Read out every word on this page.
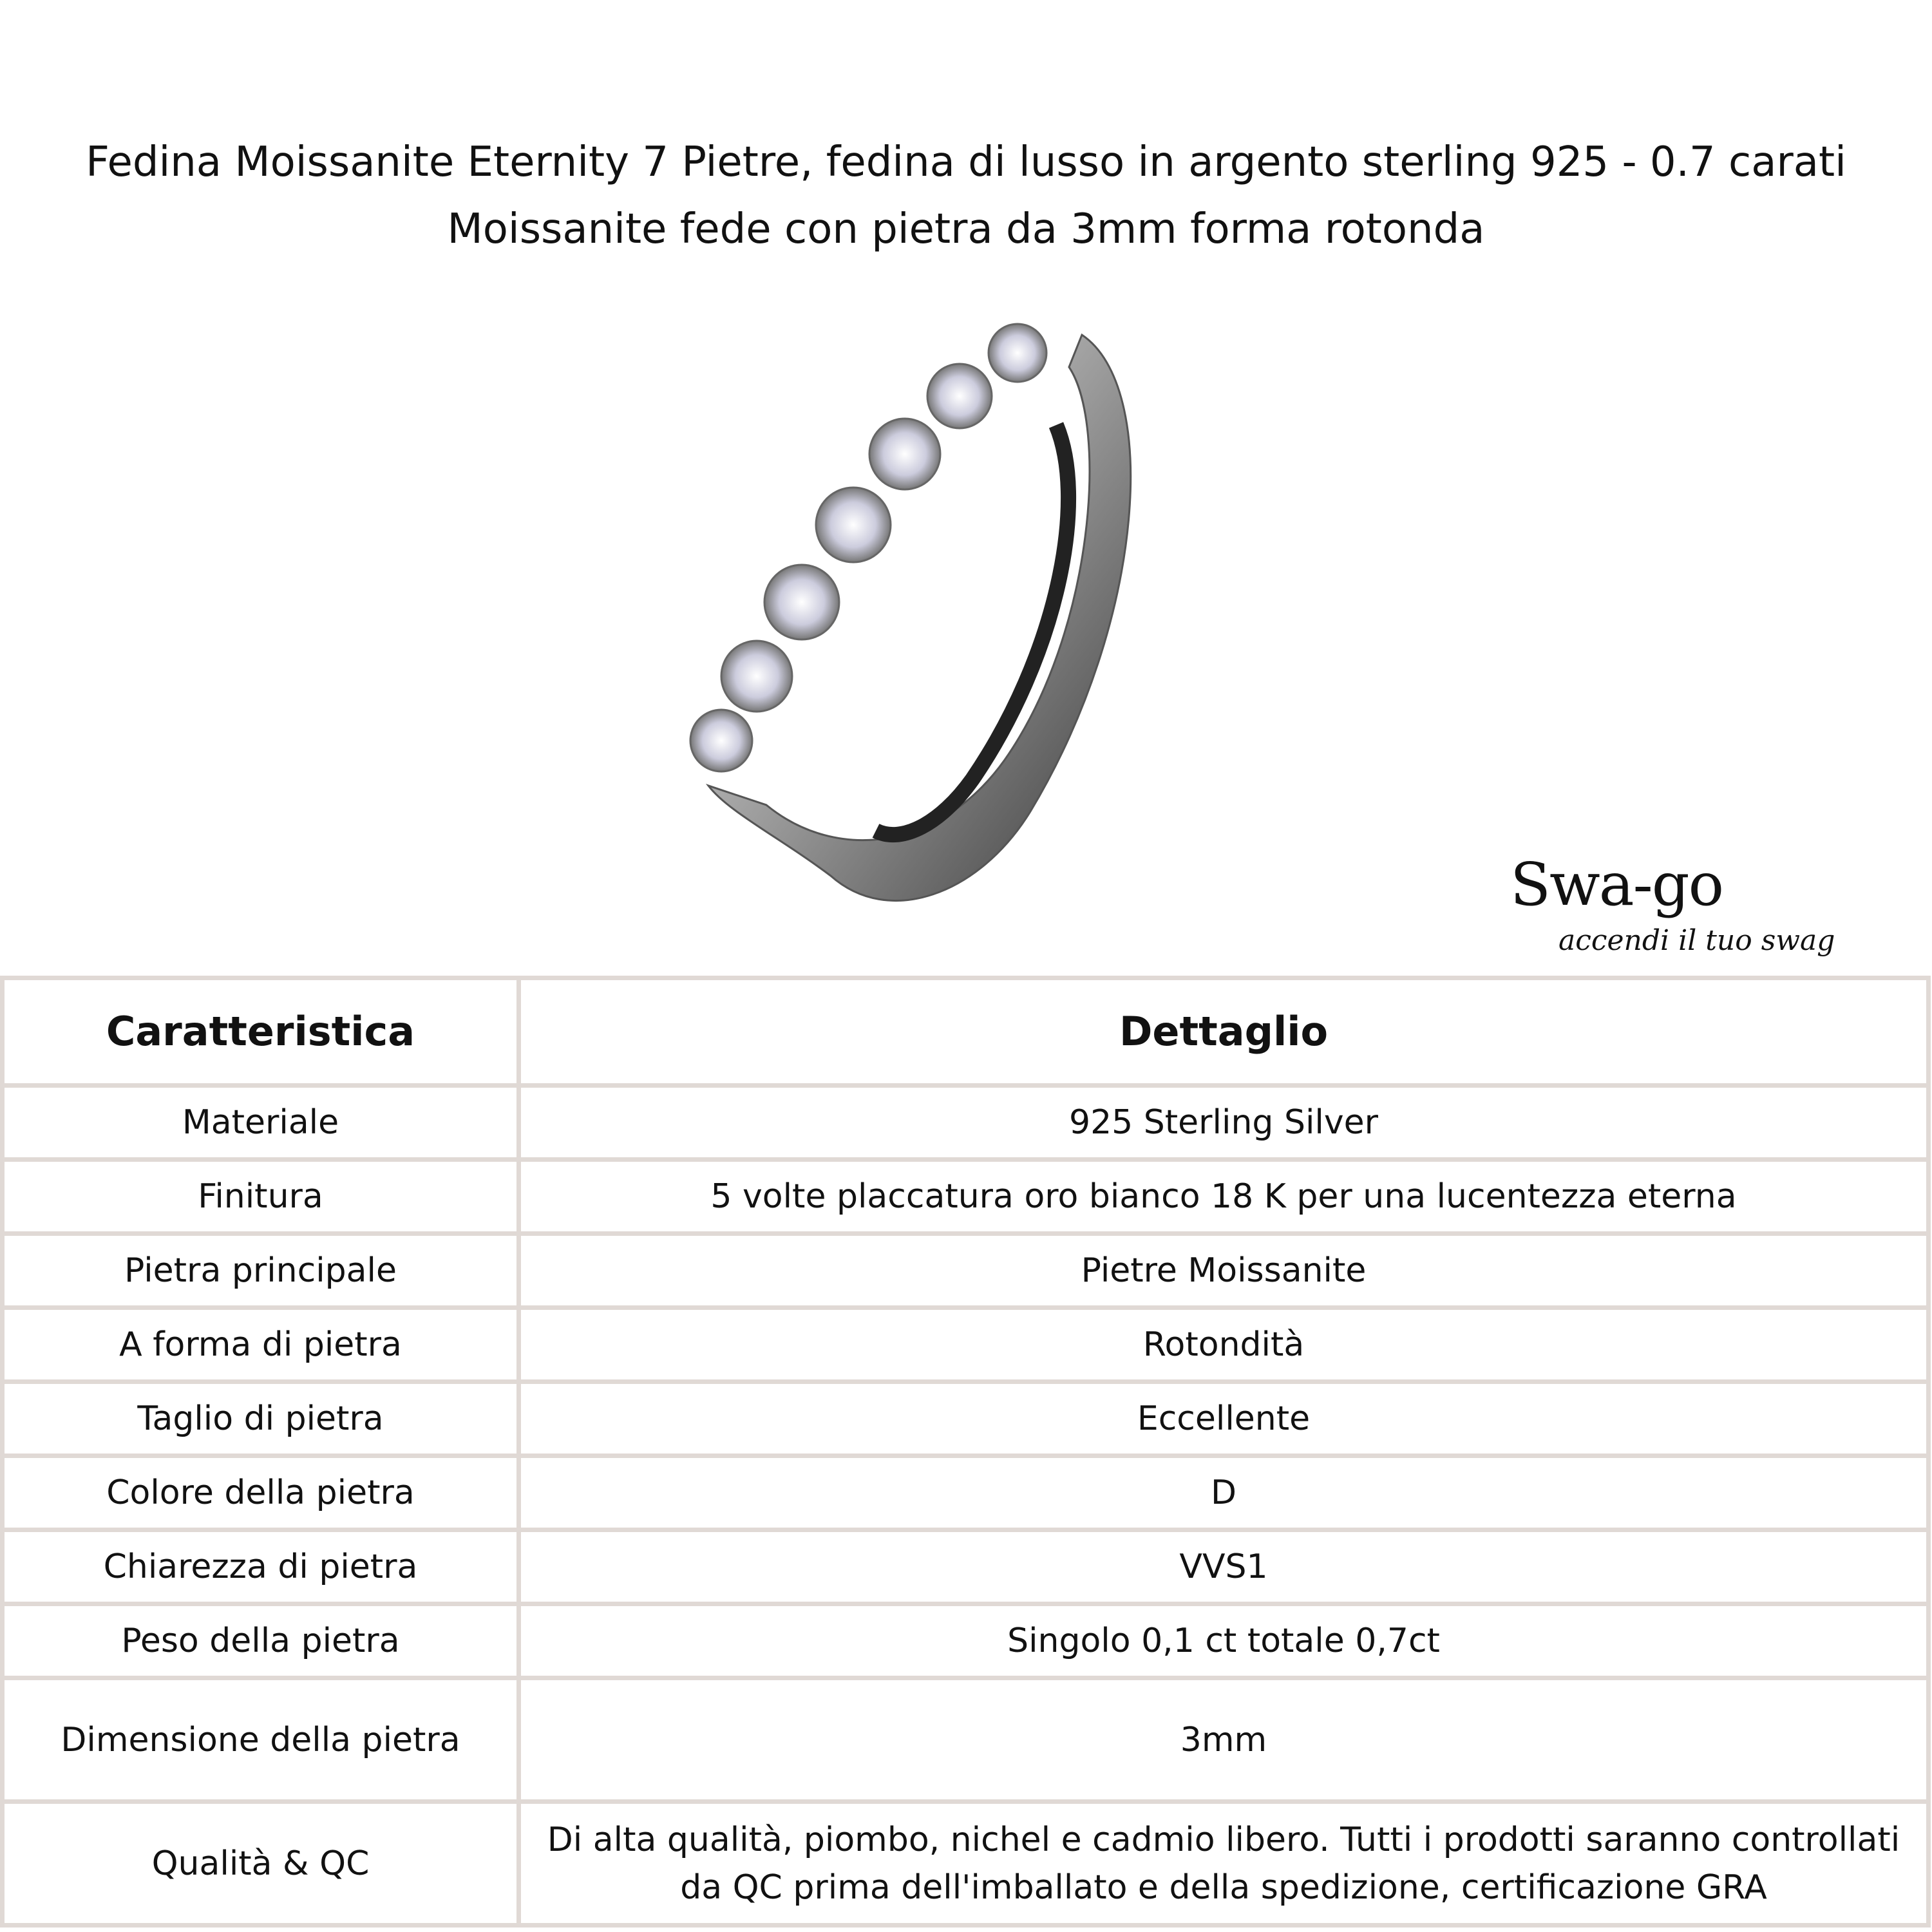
Fedina Moissanite Eternity 7 Pietre, fedina di lusso in argento sterling 925 - 0.7 carati
Moissanite fede con pietra da 3mm forma rotonda
Swa-go
accendi il tuo swag
Caratteristica	Dettaglio
Materiale	925 Sterling Silver
Finitura	5 volte placcatura oro bianco 18 K per una lucentezza eterna
Pietra principale	Pietre Moissanite
A forma di pietra	Rotondità
Taglio di pietra	Eccellente
Colore della pietra	D
Chiarezza di pietra	VVS1
Peso della pietra	Singolo 0,1 ct totale 0,7ct
Dimensione della pietra	3mm
Qualità & QC	Di alta qualità, piombo, nichel e cadmio libero. Tutti i prodotti saranno controllati da QC prima dell'imballato e della spedizione, certificazione GRA
